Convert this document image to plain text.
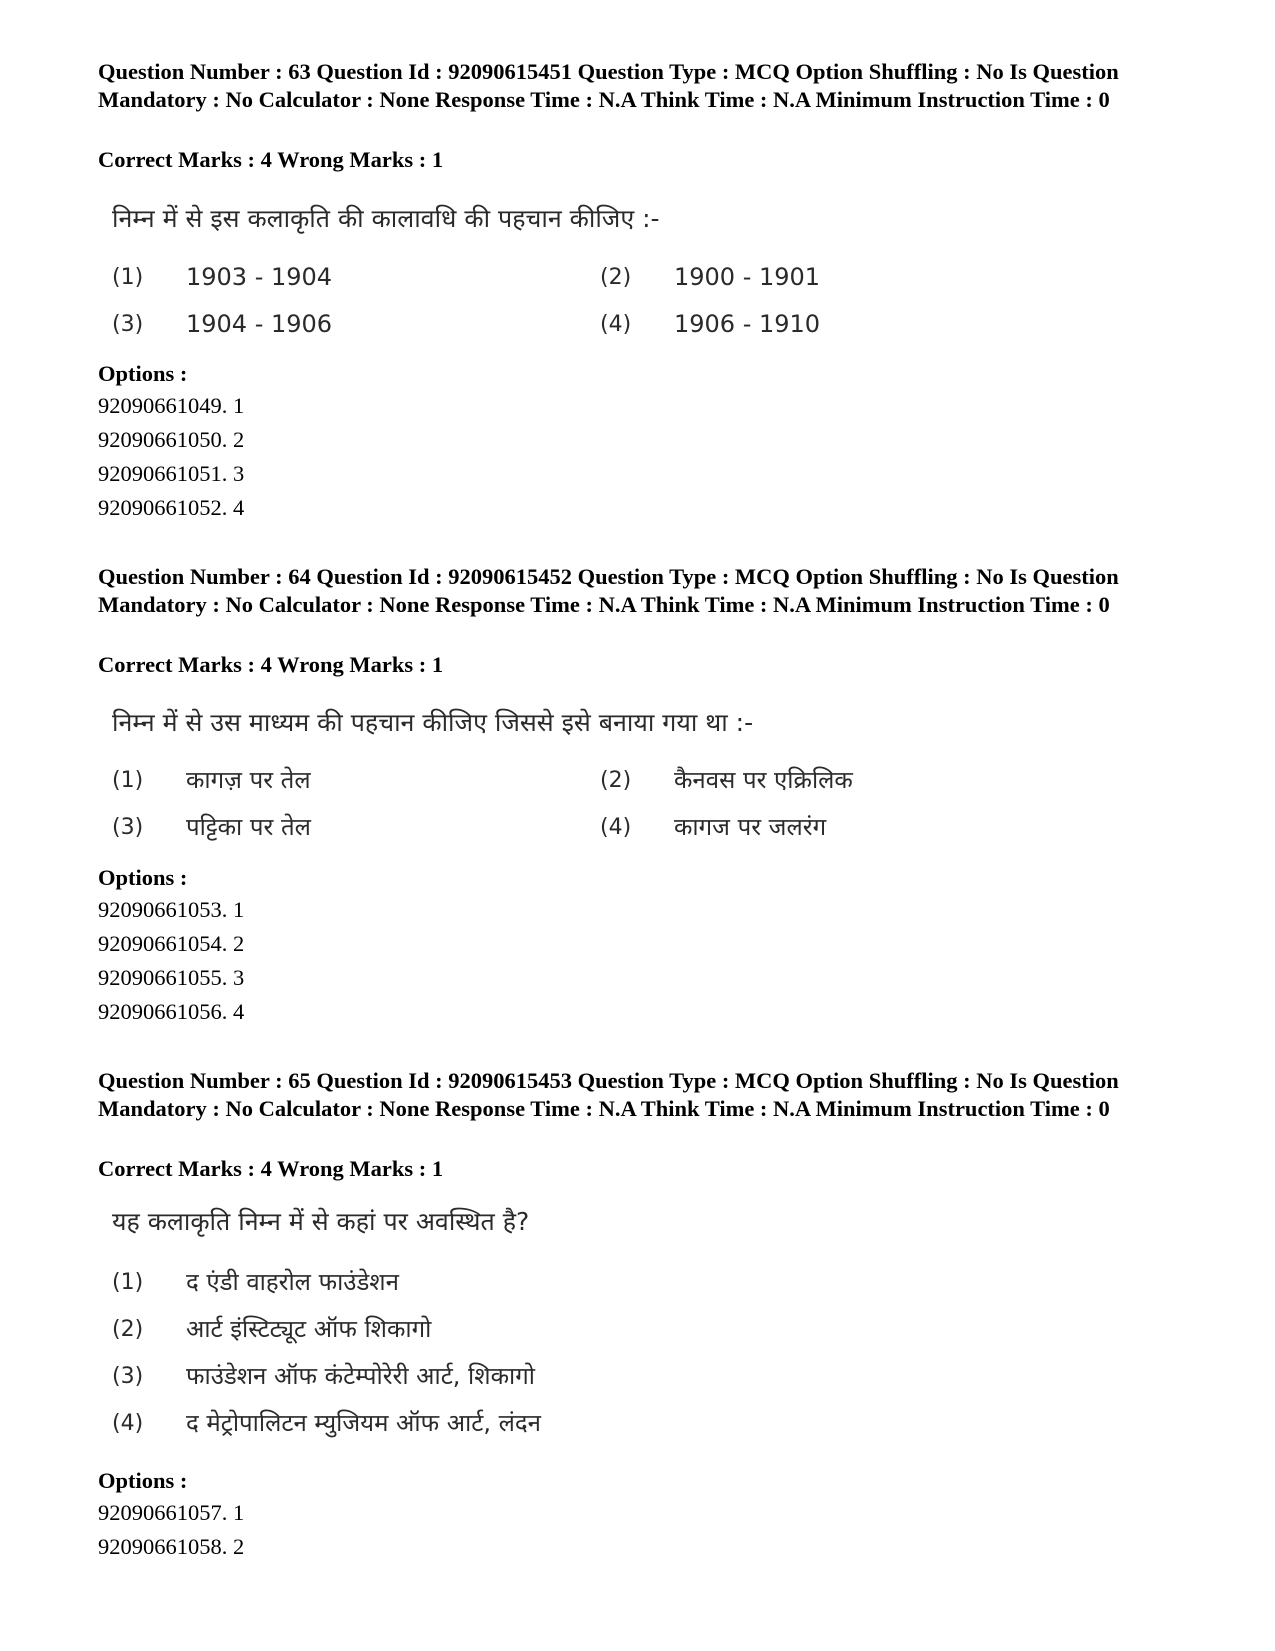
Question Number : 63 Question Id : 92090615451 Question Type : MCQ Option Shuffling : No Is Question Mandatory : No Calculator : None Response Time : N.A Think Time : N.A Minimum Instruction Time : 0
Correct Marks : 4 Wrong Marks : 1
निम्न में से इस कलाकृति की कालावधि की पहचान कीजिए :-
(1) 1903 - 1904	(2) 1900 - 1901
(3) 1904 - 1906	(4) 1906 - 1910
Options :
92090661049. 1
92090661050. 2
92090661051. 3
92090661052. 4
Question Number : 64 Question Id : 92090615452 Question Type : MCQ Option Shuffling : No Is Question Mandatory : No Calculator : None Response Time : N.A Think Time : N.A Minimum Instruction Time : 0
Correct Marks : 4 Wrong Marks : 1
निम्न में से उस माध्यम की पहचान कीजिए जिससे इसे बनाया गया था :-
(1) कागज़ पर तेल	(2) कैनवस पर एक्रिलिक
(3) पट्टिका पर तेल	(4) कागज पर जलरंग
Options :
92090661053. 1
92090661054. 2
92090661055. 3
92090661056. 4
Question Number : 65 Question Id : 92090615453 Question Type : MCQ Option Shuffling : No Is Question Mandatory : No Calculator : None Response Time : N.A Think Time : N.A Minimum Instruction Time : 0
Correct Marks : 4 Wrong Marks : 1
यह कलाकृति निम्न में से कहां पर अवस्थित है?
(1) द एंडी वाहरोल फाउंडेशन
(2) आर्ट इंस्टिट्यूट ऑफ शिकागो
(3) फाउंडेशन ऑफ कंटेम्पोरेरी आर्ट, शिकागो
(4) द मेट्रोपालिटन म्युजियम ऑफ आर्ट, लंदन
Options :
92090661057. 1
92090661058. 2
